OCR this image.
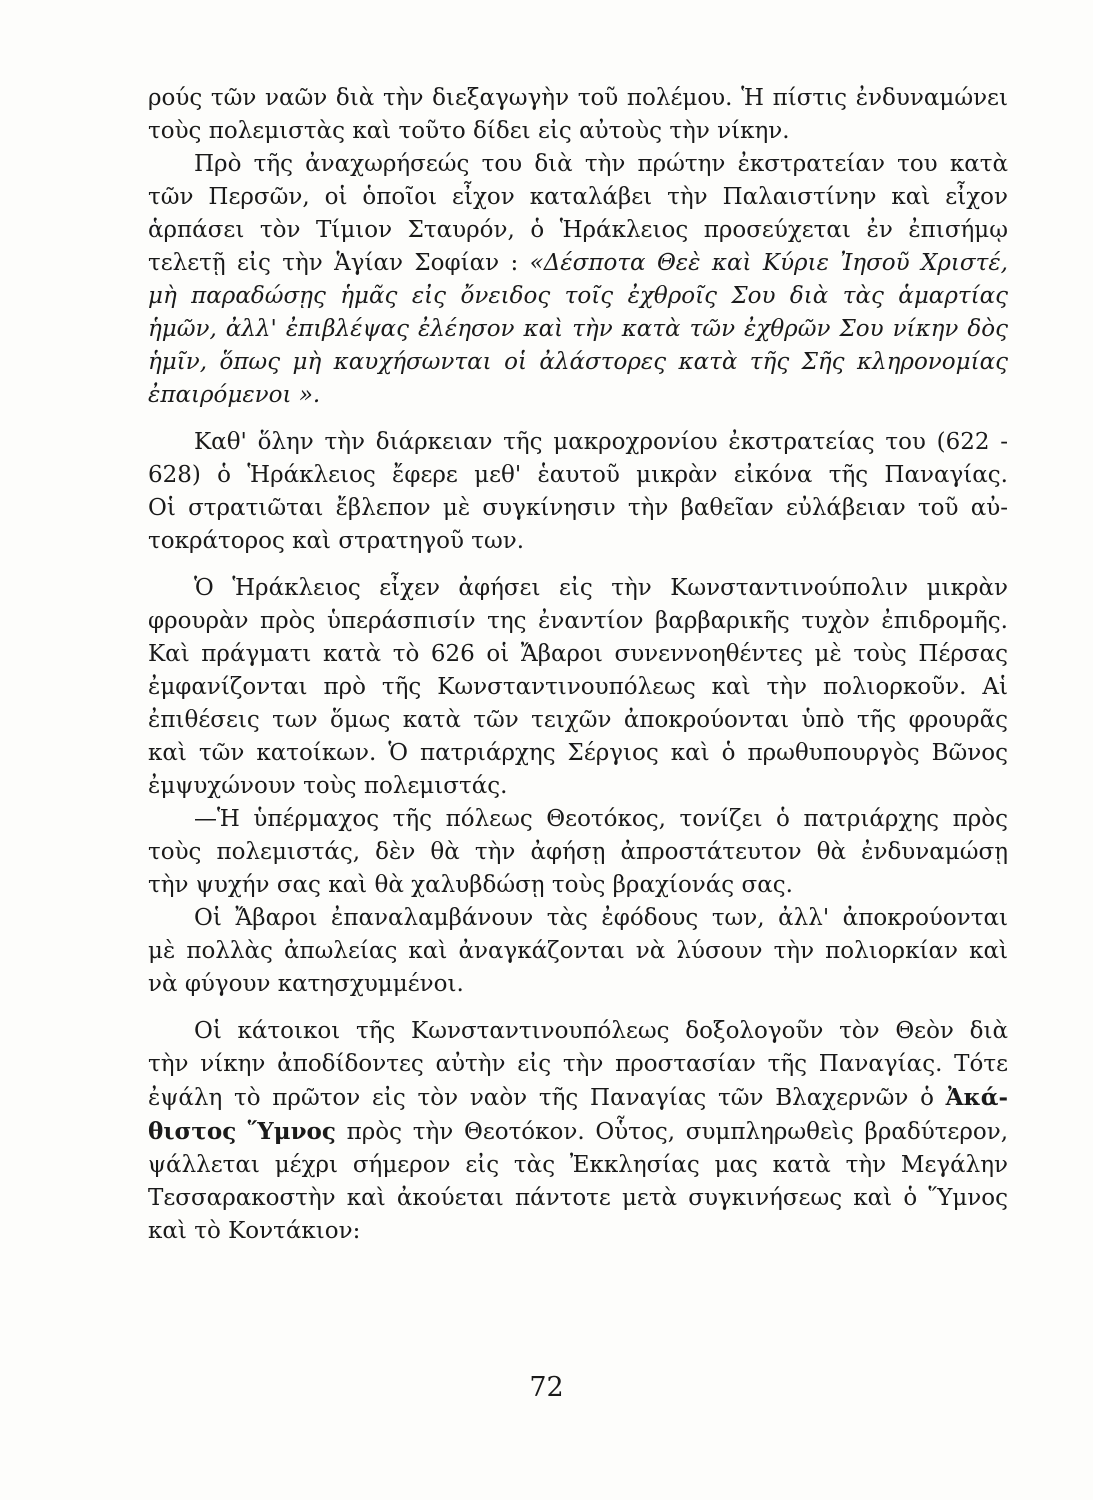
ρούς τῶν ναῶν διὰ τὴν διεξαγωγὴν τοῦ πολέμου. Ἡ πίστις ἐνδυναμώνει
τοὺς πολεμιστὰς καὶ τοῦτο δίδει εἰς αὐτοὺς τὴν νίκην.

Πρὸ τῆς ἀναχωρήσεώς του διὰ τὴν πρώτην ἐκστρατείαν του κατὰ
τῶν Περσῶν, οἱ ὁποῖοι εἶχον καταλάβει τὴν Παλαιστίνην καὶ εἶχον
ἁρπάσει τὸν Τίμιον Σταυρόν, ὁ Ἡράκλειος προσεύχεται ἐν ἐπισήμῳ
τελετῇ εἰς τὴν Ἁγίαν Σοφίαν : «Δέσποτα Θεὲ καὶ Κύριε Ἰησοῦ Χριστέ,
μὴ παραδώσῃς ἡμᾶς εἰς ὄνειδος τοῖς ἐχθροῖς Σου διὰ τὰς ἁμαρτίας
ἡμῶν, ἀλλ' ἐπιβλέψας ἐλέησον καὶ τὴν κατὰ τῶν ἐχθρῶν Σου νίκην δὸς
ἡμῖν, ὅπως μὴ καυχήσωνται οἱ ἀλάστορες κατὰ τῆς Σῆς κληρονομίας
ἐπαιρόμενοι ».

Καθ' ὅλην τὴν διάρκειαν τῆς μακροχρονίου ἐκστρατείας του (622 -
628) ὁ Ἡράκλειος ἔφερε μεθ' ἑαυτοῦ μικρὰν εἰκόνα τῆς Παναγίας.
Οἱ στρατιῶται ἔβλεπον μὲ συγκίνησιν τὴν βαθεῖαν εὐλάβειαν τοῦ αὐ-
τοκράτορος καὶ στρατηγοῦ των.

Ὁ Ἡράκλειος εἶχεν ἀφήσει εἰς τὴν Κωνσταντινούπολιν μικρὰν
φρουρὰν πρὸς ὑπεράσπισίν της ἐναντίον βαρβαρικῆς τυχὸν ἐπιδρομῆς.
Καὶ πράγματι κατὰ τὸ 626 οἱ Ἄβαροι συνεννοηθέντες μὲ τοὺς Πέρσας
ἐμφανίζονται πρὸ τῆς Κωνσταντινουπόλεως καὶ τὴν πολιορκοῦν. Αἱ
ἐπιθέσεις των ὅμως κατὰ τῶν τειχῶν ἀποκρούονται ὑπὸ τῆς φρουρᾶς
καὶ τῶν κατοίκων. Ὁ πατριάρχης Σέργιος καὶ ὁ πρωθυπουργὸς Βῶνος
ἐμψυχώνουν τοὺς πολεμιστάς.

—Ἡ ὑπέρμαχος τῆς πόλεως Θεοτόκος, τονίζει ὁ πατριάρχης πρὸς
τοὺς πολεμιστάς, δὲν θὰ τὴν ἀφήσῃ ἀπροστάτευτον θὰ ἐνδυναμώσῃ
τὴν ψυχήν σας καὶ θὰ χαλυβδώσῃ τοὺς βραχίονάς σας.

Οἱ Ἄβαροι ἐπαναλαμβάνουν τὰς ἐφόδους των, ἀλλ' ἀποκρούονται
μὲ πολλὰς ἀπωλείας καὶ ἀναγκάζονται νὰ λύσουν τὴν πολιορκίαν καὶ
νὰ φύγουν κατησχυμμένοι.

Οἱ κάτοικοι τῆς Κωνσταντινουπόλεως δοξολογοῦν τὸν Θεὸν διὰ
τὴν νίκην ἀποδίδοντες αὐτὴν εἰς τὴν προστασίαν τῆς Παναγίας. Τότε
ἐψάλη τὸ πρῶτον εἰς τὸν ναὸν τῆς Παναγίας τῶν Βλαχερνῶν ὁ Ἀκά-
θιστος Ὕμνος πρὸς τὴν Θεοτόκον. Οὗτος, συμπληρωθεὶς βραδύτερον,
ψάλλεται μέχρι σήμερον εἰς τὰς Ἐκκλησίας μας κατὰ τὴν Μεγάλην
Τεσσαρακοστὴν καὶ ἀκούεται πάντοτε μετὰ συγκινήσεως καὶ ὁ Ὕμνος
καὶ τὸ Κοντάκιον:

72
